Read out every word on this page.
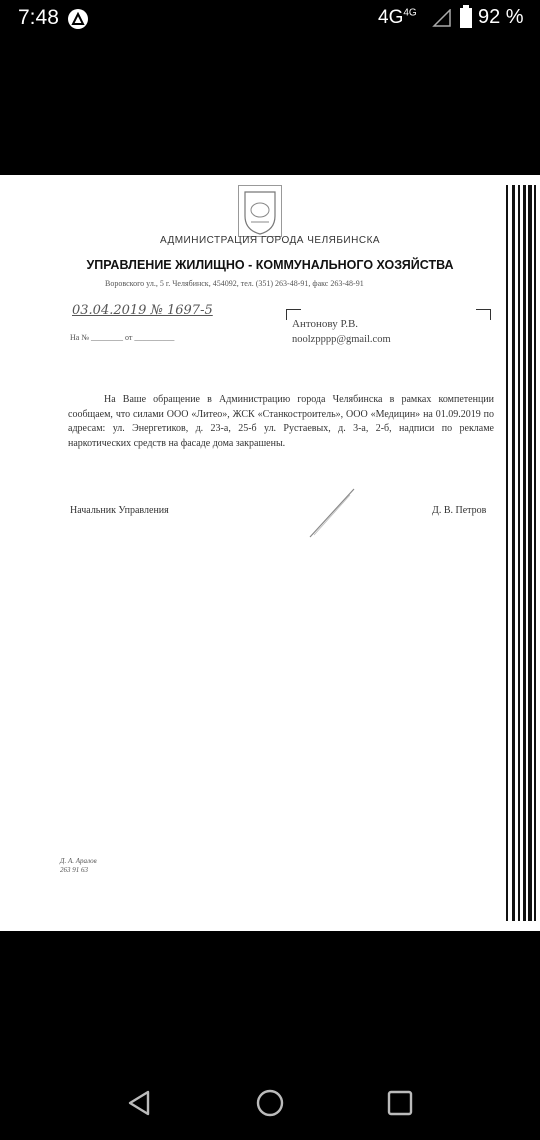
7:48	$4G^{4G}$	92 %
АДМИНИСТРАЦИЯ ГОРОДА ЧЕЛЯБИНСКА
УПРАВЛЕНИЕ ЖИЛИЩНО - КОММУНАЛЬНОГО ХОЗЯЙСТВА
Воровского ул., 5 г. Челябинск, 454092, тел. (351) 263-48-91, факс 263-48-91
03.04.2019 № 1697-5
На № ________ от __________
Антонову Р.В.
noolzpppp@gmail.com
На Ваше обращение в Администрацию города Челябинска в рамках компетенции сообщаем, что силами ООО «Литео», ЖСК «Станкостроитель», ООО «Медицин» на 01.09.2019 по адресам: ул. Энергетиков, д. 23-а, 25-б ул. Рустаевых, д. 3-а, 2-б, надписи по рекламе наркотических средств на фасаде дома закрашены.
Начальник Управления	Д. В. Петров
Д. А. Аралов
263 91 63
